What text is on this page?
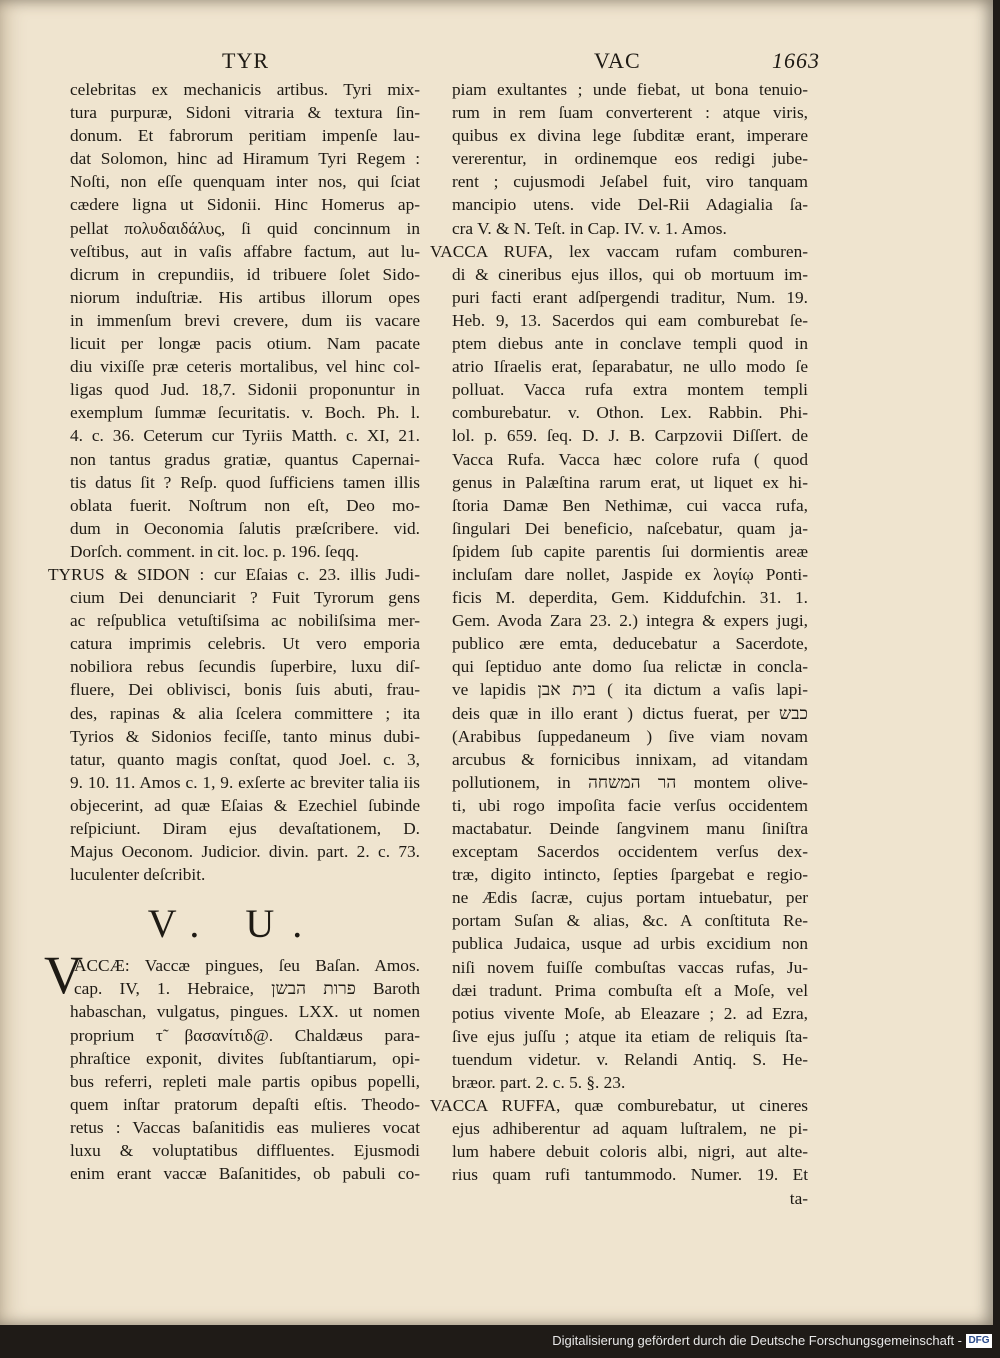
TYR	VAC	1663
celebritas ex mechanicis artibus. Tyri mix-
tura purpuræ, Sidoni vitraria & textura ſin-
donum. Et fabrorum peritiam impenſe lau-
dat Solomon, hinc ad Hiramum Tyri Regem :
Noſti, non eſſe quenquam inter nos, qui ſciat
cædere ligna ut Sidonii. Hinc Homerus ap-
pellat πολυδαιδάλυς, ſi quid concinnum in
veſtibus, aut in vaſis affabre factum, aut lu-
dicrum in crepundiis, id tribuere ſolet Sido-
niorum induſtriæ. His artibus illorum opes
in immenſum brevi crevere, dum iis vacare
licuit per longæ pacis otium. Nam pacate
diu vixiſſe præ ceteris mortalibus, vel hinc col-
ligas quod Jud. 18,7. Sidonii proponuntur in
exemplum ſummæ ſecuritatis. v. Boch. Ph. l.
4. c. 36. Ceterum cur Tyriis Matth. c. XI, 21.
non tantus gradus gratiæ, quantus Capernai-
tis datus ſit ? Reſp. quod ſufficiens tamen illis
oblata fuerit. Noſtrum non eſt, Deo mo-
dum in Oeconomia ſalutis præſcribere. vid.
Dorſch. comment. in cit. loc. p. 196. ſeqq.
TYRUS & SIDON : cur Eſaias c. 23. illis Judi-
cium Dei denunciarit ? Fuit Tyrorum gens
ac reſpublica vetuſtiſsima ac nobiliſsima mer-
catura imprimis celebris. Ut vero emporia
nobiliora rebus ſecundis ſuperbire, luxu diſ-
fluere, Dei oblivisci, bonis ſuis abuti, frau-
des, rapinas & alia ſcelera committere ; ita
Tyrios & Sidonios feciſſe, tanto minus dubi-
tatur, quanto magis conſtat, quod Joel. c. 3,
9. 10. 11. Amos c. 1, 9. exſerte ac breviter talia iis
objecerint, ad quæ Eſaias & Ezechiel ſubinde
reſpiciunt. Diram ejus devaſtationem, D.
Majus Oeconom. Judicior. divin. part. 2. c. 73.
luculenter deſcribit.
V. U.
V
ACCÆ: Vaccæ pingues, ſeu Baſan. Amos.
cap. IV, 1. Hebraice, פרות הבשן Baroth
habaschan, vulgatus, pingues. LXX. ut nomen
proprium τ̃ βασανίτιδ@. Chaldæus para-
phraſtice exponit, divites ſubſtantiarum, opi-
bus referri, repleti male partis opibus popelli,
quem inſtar pratorum depaſti eſtis. Theodo-
retus : Vaccas baſanitidis eas mulieres vocat
luxu & voluptatibus diffluentes. Ejusmodi
enim erant vaccæ Baſanitides, ob pabuli co-
piam exultantes ; unde fiebat, ut bona tenuio-
rum in rem ſuam converterent : atque viris,
quibus ex divina lege ſubditæ erant, imperare
vererentur, in ordinemque eos redigi jube-
rent ; cujusmodi Jeſabel fuit, viro tanquam
mancipio utens. vide Del-Rii Adagialia ſa-
cra V. & N. Teſt. in Cap. IV. v. 1. Amos.
VACCA RUFA, lex vaccam rufam comburen-
di & cineribus ejus illos, qui ob mortuum im-
puri facti erant adſpergendi traditur, Num. 19.
Heb. 9, 13. Sacerdos qui eam comburebat ſe-
ptem diebus ante in conclave templi quod in
atrio Iſraelis erat, ſeparabatur, ne ullo modo ſe
polluat. Vacca rufa extra montem templi
comburebatur. v. Othon. Lex. Rabbin. Phi-
lol. p. 659. ſeq. D. J. B. Carpzovii Diſſert. de
Vacca Rufa. Vacca hæc colore rufa ( quod
genus in Palæſtina rarum erat, ut liquet ex hi-
ſtoria Damæ Ben Nethimæ, cui vacca rufa,
ſingulari Dei beneficio, naſcebatur, quam ja-
ſpidem ſub capite parentis ſui dormientis areæ
incluſam dare nollet, Jaspide ex λογίῳ Ponti-
ficis M. deperdita, Gem. Kiddufchin. 31. 1.
Gem. Avoda Zara 23. 2.) integra & expers jugi,
publico ære emta, deducebatur a Sacerdote,
qui ſeptiduo ante domo ſua relictæ in concla-
ve lapidis בית אבן ( ita dictum a vaſis lapi-
deis quæ in illo erant ) dictus fuerat, per כבש
(Arabibus ſuppedaneum ) ſive viam novam
arcubus & fornicibus innixam, ad vitandam
pollutionem, in הר המשחה montem olive-
ti, ubi rogo impoſita facie verſus occidentem
mactabatur. Deinde ſangvinem manu ſiniſtra
exceptam Sacerdos occidentem verſus dex-
træ, digito intincto, ſepties ſpargebat e regio-
ne Ædis ſacræ, cujus portam intuebatur, per
portam Suſan & alias, &c. A conſtituta Re-
publica Judaica, usque ad urbis excidium non
niſi novem fuiſſe combuſtas vaccas rufas, Ju-
dæi tradunt. Prima combuſta eſt a Moſe, vel
potius vivente Moſe, ab Eleazare ; 2. ad Ezra,
ſive ejus juſſu ; atque ita etiam de reliquis ſta-
tuendum videtur. v. Relandi Antiq. S. He-
bræor. part. 2. c. 5. §. 23.
VACCA RUFFA, quæ comburebatur, ut cineres
ejus adhiberentur ad aquam luſtralem, ne pi-
lum habere debuit coloris albi, nigri, aut alte-
rius quam rufi tantummodo. Numer. 19. Et
ta-
Digitalisierung gefördert durch die Deutsche Forschungsgemeinschaft - DFG
